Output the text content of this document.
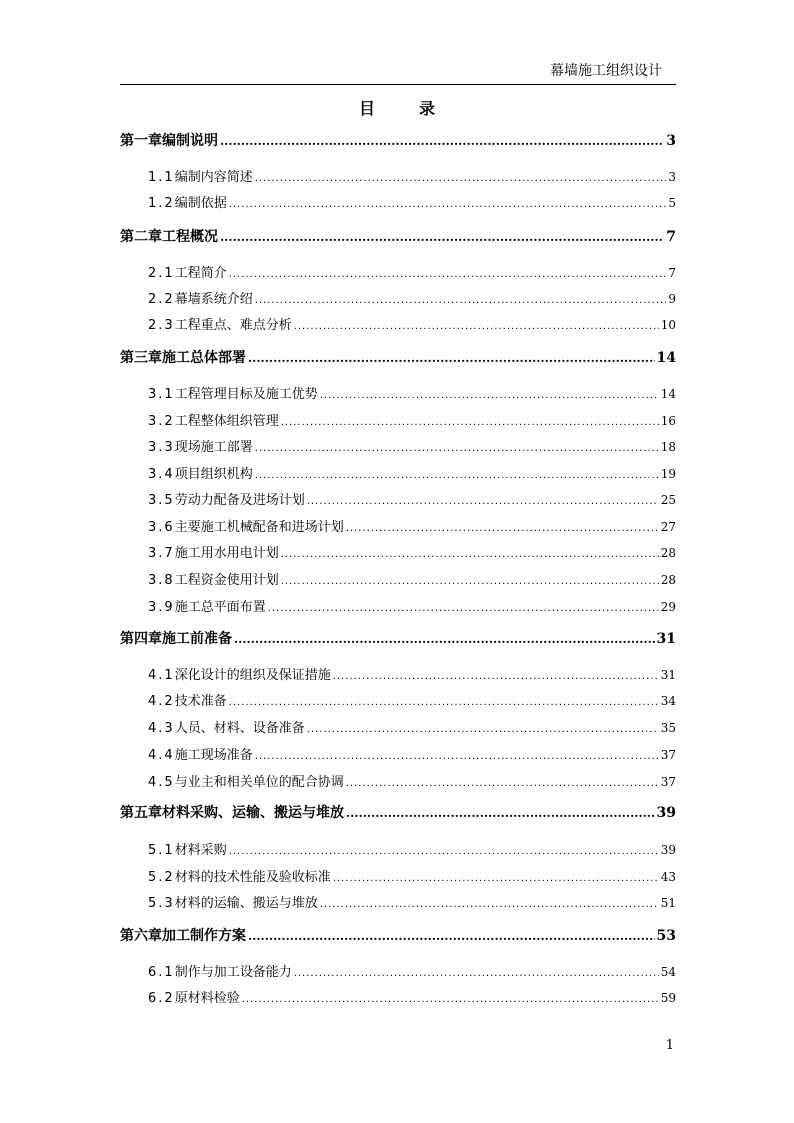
幕墙施工组织设计
目录
第一章 编制说明 .....	3
1.1 编制内容简述 .....	3
1.2 编制依据 .....	5
第二章 工程概况 .....	7
2.1 工程简介 .....	7
2.2 幕墙系统介绍 .....	9
2.3 工程重点、难点分析 .....	10
第三章 施工总体部署 .....	14
3.1 工程管理目标及施工优势 .....	14
3.2 工程整体组织管理 .....	16
3.3 现场施工部署 .....	18
3.4 项目组织机构 .....	19
3.5 劳动力配备及进场计划 .....	25
3.6 主要施工机械配备和进场计划 .....	27
3.7 施工用水用电计划 .....	28
3.8 工程资金使用计划 .....	28
3.9 施工总平面布置 .....	29
第四章 施工前准备 .....	31
4.1 深化设计的组织及保证措施 .....	31
4.2 技术准备 .....	34
4.3 人员、材料、设备准备 .....	35
4.4 施工现场准备 .....	37
4.5 与业主和相关单位的配合协调 .....	37
第五章 材料采购、运输、搬运与堆放 .....	39
5.1 材料采购 .....	39
5.2 材料的技术性能及验收标准 .....	43
5.3 材料的运输、搬运与堆放 .....	51
第六章 加工制作方案 .....	53
6.1 制作与加工设备能力 .....	54
6.2 原材料检验 .....	59
1
